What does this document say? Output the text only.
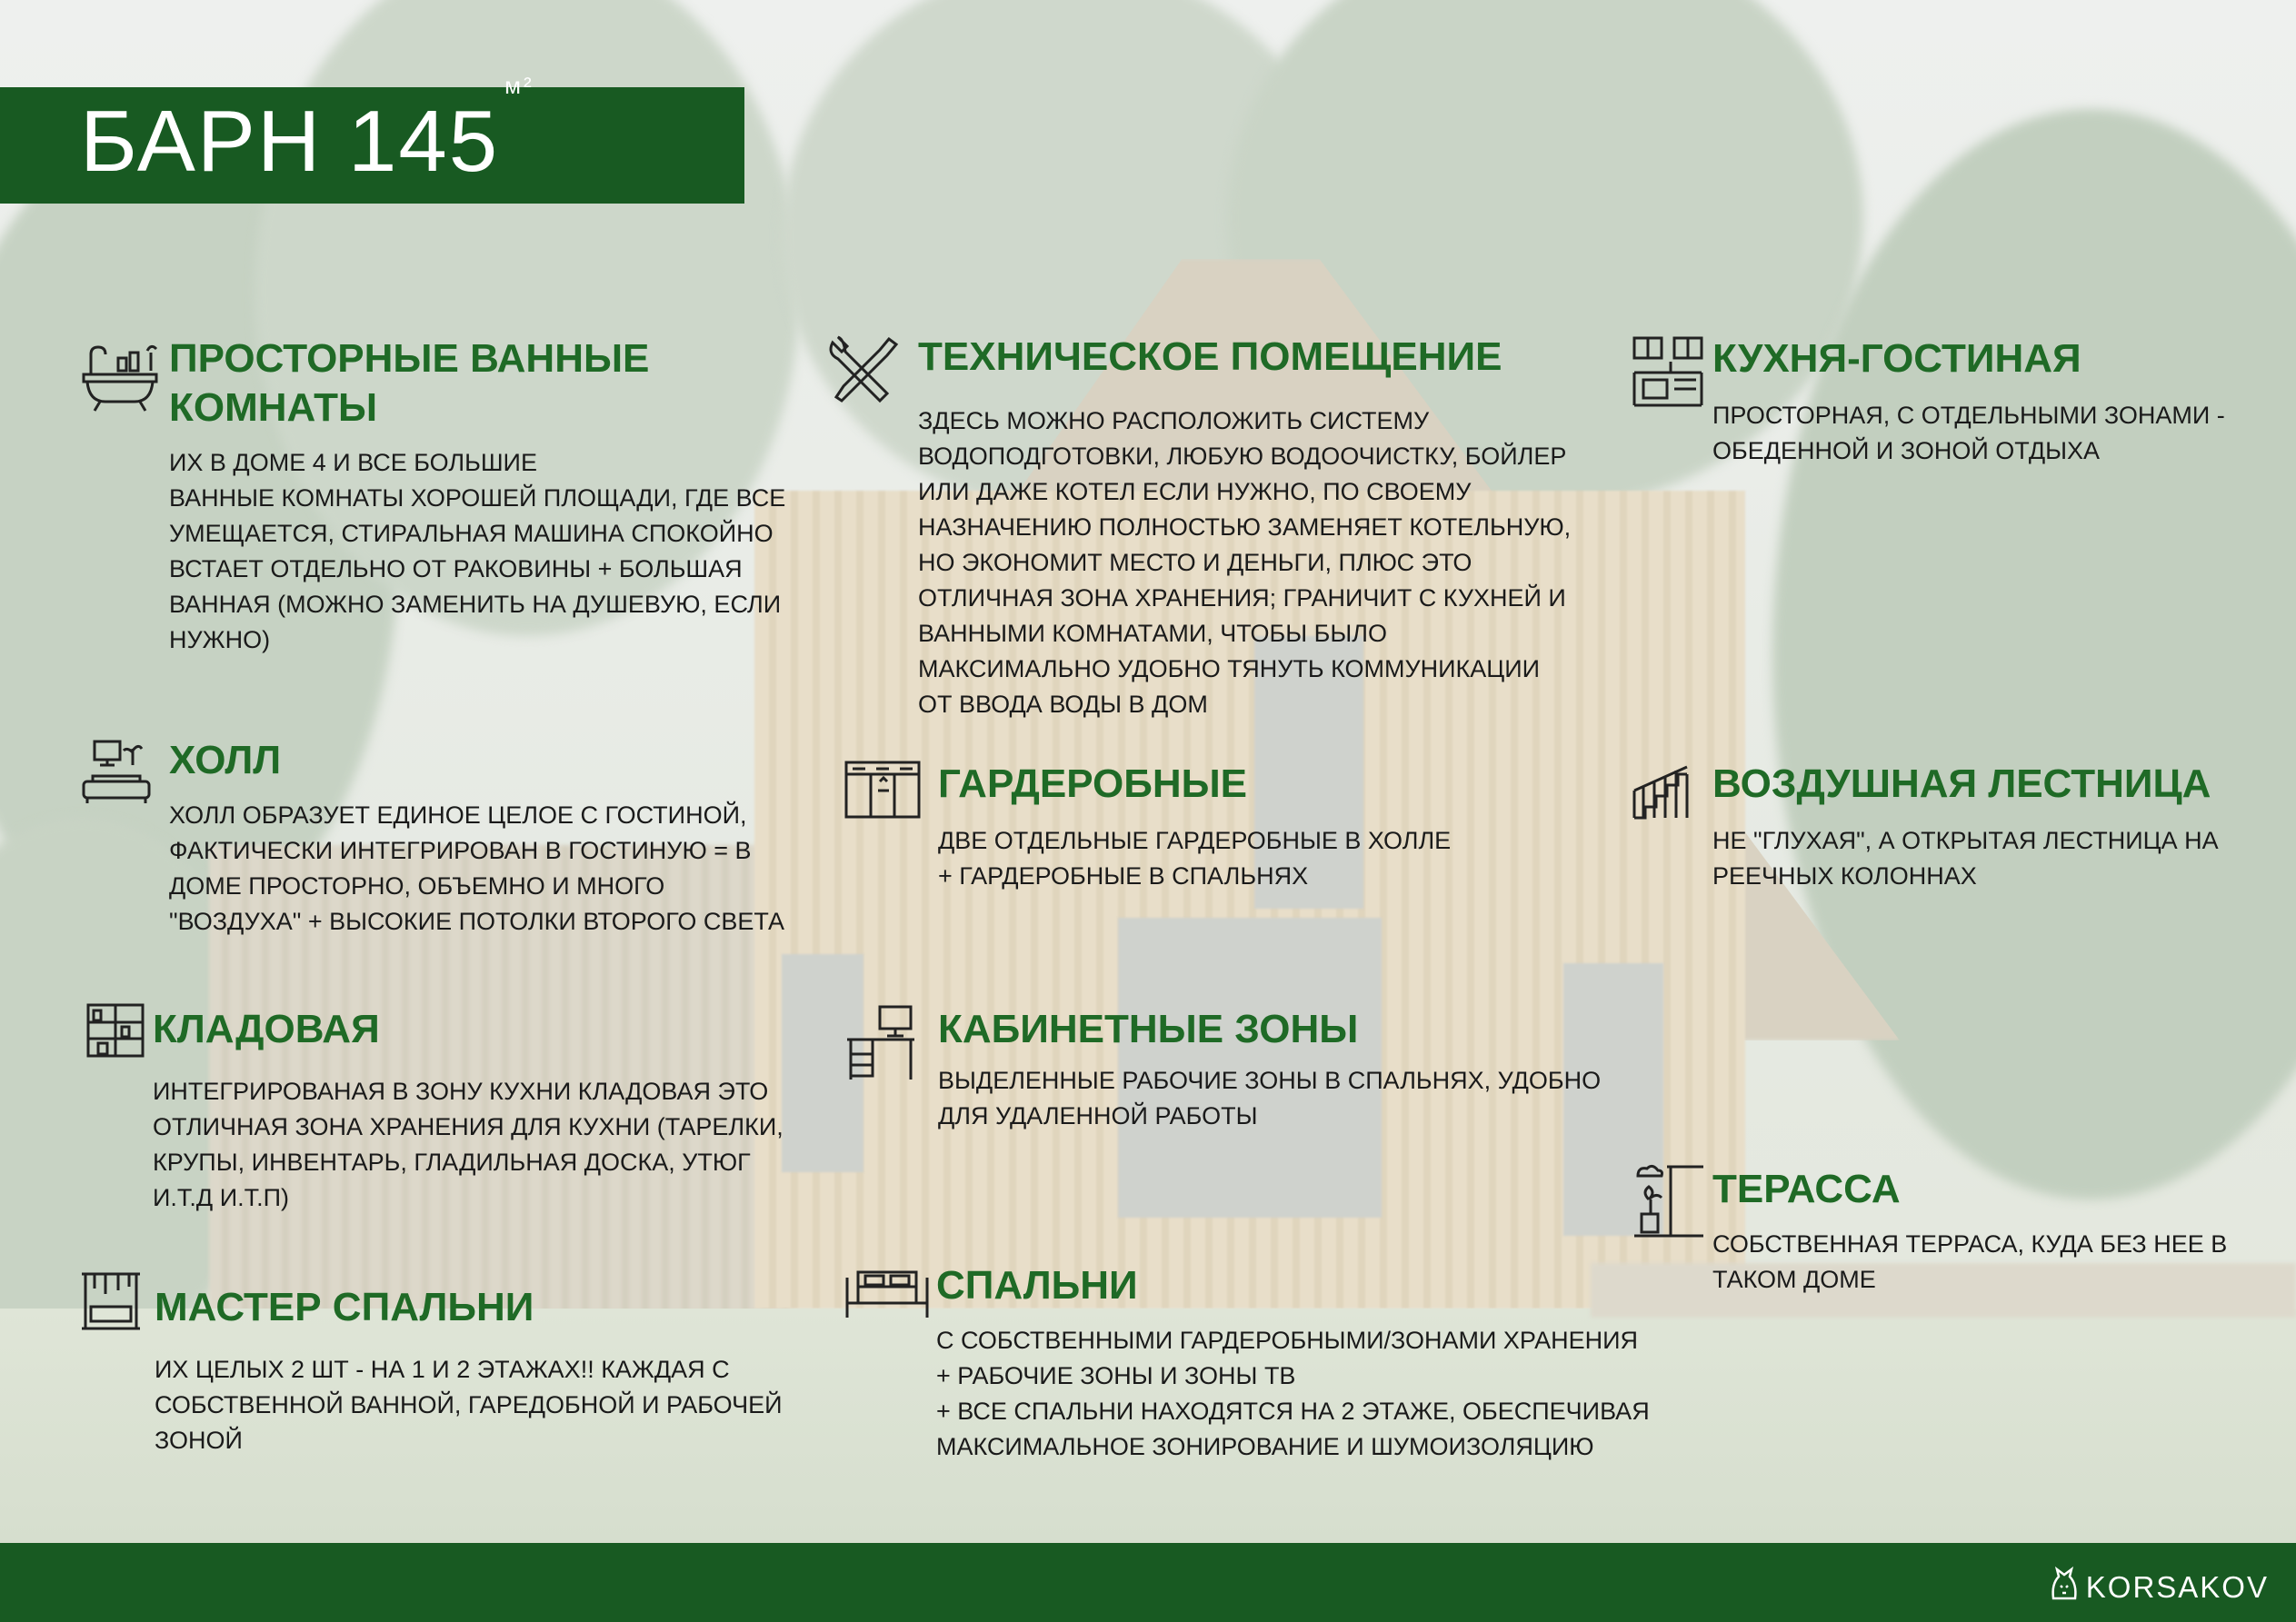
БАРН $145^{м^2}$
ПРОСТОРНЫЕ ВАННЫЕ
КОМНАТЫ
ИХ В ДОМЕ 4 И ВСЕ БОЛЬШИЕ
ВАННЫЕ КОМНАТЫ ХОРОШЕЙ ПЛОЩАДИ, ГДЕ ВСЕ
УМЕЩАЕТСЯ, СТИРАЛЬНАЯ МАШИНА СПОКОЙНО
ВСТАЕТ ОТДЕЛЬНО ОТ РАКОВИНЫ + БОЛЬШАЯ
ВАННАЯ (МОЖНО ЗАМЕНИТЬ НА ДУШЕВУЮ, ЕСЛИ
НУЖНО)
ХОЛЛ
ХОЛЛ ОБРАЗУЕТ ЕДИНОЕ ЦЕЛОЕ С ГОСТИНОЙ,
ФАКТИЧЕСКИ ИНТЕГРИРОВАН В ГОСТИНУЮ = В
ДОМЕ ПРОСТОРНО, ОБЪЕМНО И МНОГО
"ВОЗДУХА" + ВЫСОКИЕ ПОТОЛКИ ВТОРОГО СВЕТА
КЛАДОВАЯ
ИНТЕГРИРОВАНАЯ В ЗОНУ КУХНИ КЛАДОВАЯ ЭТО
ОТЛИЧНАЯ ЗОНА ХРАНЕНИЯ ДЛЯ КУХНИ (ТАРЕЛКИ,
КРУПЫ, ИНВЕНТАРЬ, ГЛАДИЛЬНАЯ ДОСКА, УТЮГ
И.Т.Д И.Т.П)
МАСТЕР СПАЛЬНИ
ИХ ЦЕЛЫХ 2 ШТ - НА 1 И 2 ЭТАЖАХ!! КАЖДАЯ С
СОБСТВЕННОЙ ВАННОЙ, ГАРЕДОБНОЙ И РАБОЧЕЙ
ЗОНОЙ
ТЕХНИЧЕСКОЕ ПОМЕЩЕНИЕ
ЗДЕСЬ МОЖНО РАСПОЛОЖИТЬ СИСТЕМУ
ВОДОПОДГОТОВКИ, ЛЮБУЮ ВОДООЧИСТКУ, БОЙЛЕР
ИЛИ ДАЖЕ КОТЕЛ ЕСЛИ НУЖНО, ПО СВОЕМУ
НАЗНАЧЕНИЮ ПОЛНОСТЬЮ ЗАМЕНЯЕТ КОТЕЛЬНУЮ,
НО ЭКОНОМИТ МЕСТО И ДЕНЬГИ, ПЛЮС ЭТО
ОТЛИЧНАЯ ЗОНА ХРАНЕНИЯ; ГРАНИЧИТ С КУХНЕЙ И
ВАННЫМИ КОМНАТАМИ, ЧТОБЫ БЫЛО
МАКСИМАЛЬНО УДОБНО ТЯНУТЬ КОММУНИКАЦИИ
ОТ ВВОДА ВОДЫ В ДОМ
ГАРДЕРОБНЫЕ
ДВЕ ОТДЕЛЬНЫЕ ГАРДЕРОБНЫЕ В ХОЛЛЕ
+ ГАРДЕРОБНЫЕ В СПАЛЬНЯХ
КАБИНЕТНЫЕ ЗОНЫ
ВЫДЕЛЕННЫЕ РАБОЧИЕ ЗОНЫ В СПАЛЬНЯХ, УДОБНО
ДЛЯ УДАЛЕННОЙ РАБОТЫ
СПАЛЬНИ
С СОБСТВЕННЫМИ ГАРДЕРОБНЫМИ/ЗОНАМИ ХРАНЕНИЯ
+ РАБОЧИЕ ЗОНЫ И ЗОНЫ ТВ
+ ВСЕ СПАЛЬНИ НАХОДЯТСЯ НА 2 ЭТАЖЕ, ОБЕСПЕЧИВАЯ
МАКСИМАЛЬНОЕ ЗОНИРОВАНИЕ И ШУМОИЗОЛЯЦИЮ
КУХНЯ-ГОСТИНАЯ
ПРОСТОРНАЯ, С ОТДЕЛЬНЫМИ ЗОНАМИ -
ОБЕДЕННОЙ И ЗОНОЙ ОТДЫХА
ВОЗДУШНАЯ ЛЕСТНИЦА
НЕ "ГЛУХАЯ", А ОТКРЫТАЯ ЛЕСТНИЦА НА
РЕЕЧНЫХ КОЛОННАХ
ТЕРАССА
СОБСТВЕННАЯ ТЕРРАСА, КУДА БЕЗ НЕЕ В
ТАКОМ ДОМЕ
KORSAKOV
